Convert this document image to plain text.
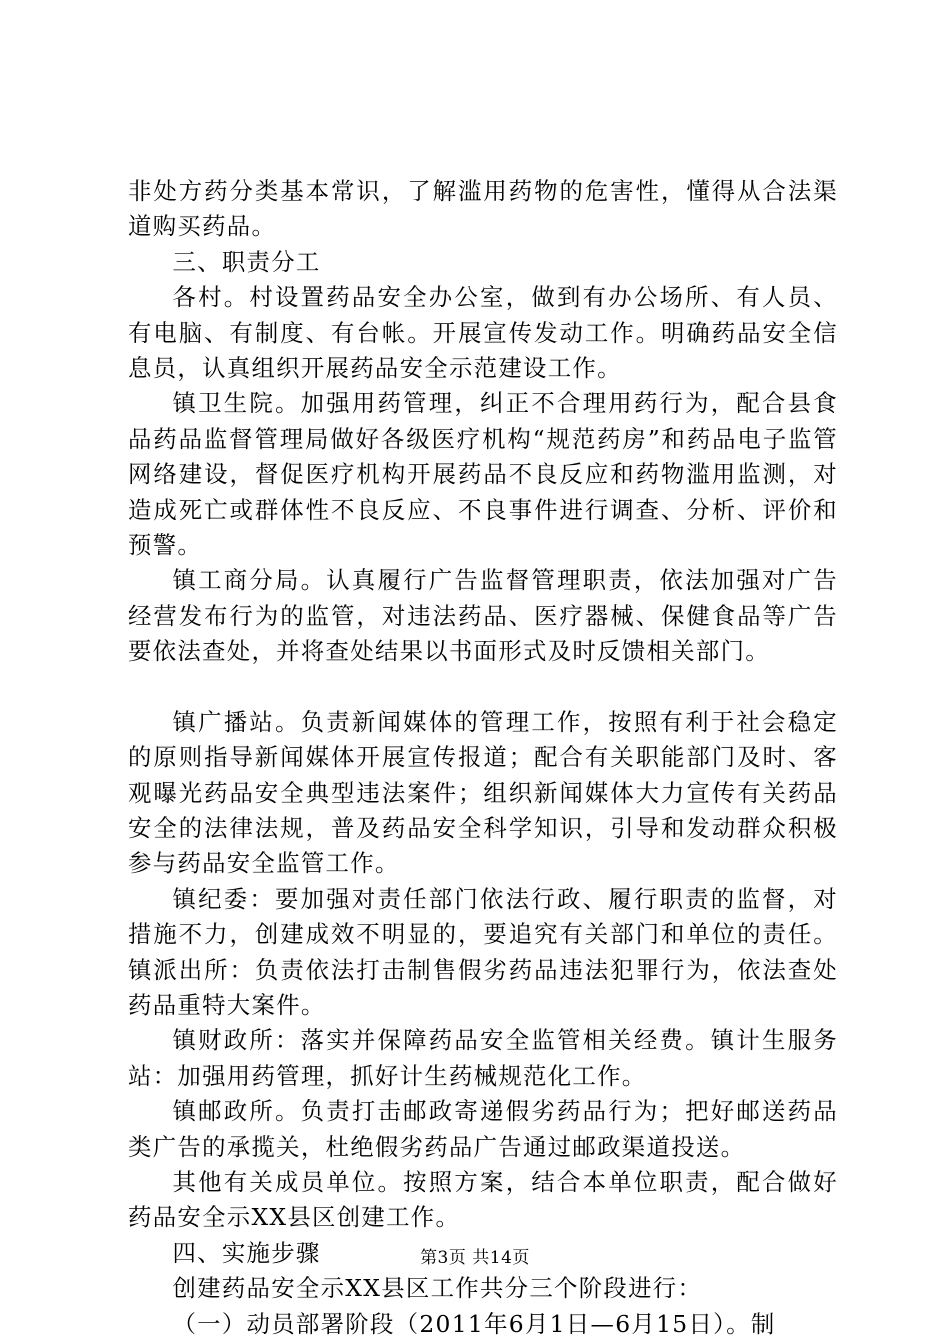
非处方药分类基本常识，了解滥用药物的危害性，懂得从合法渠道购买药品。

三、职责分工

各村。村设置药品安全办公室，做到有办公场所、有人员、有电脑、有制度、有台帐。开展宣传发动工作。明确药品安全信息员，认真组织开展药品安全示范建设工作。

镇卫生院。加强用药管理，纠正不合理用药行为，配合县食品药品监督管理局做好各级医疗机构“规范药房”和药品电子监管网络建设，督促医疗机构开展药品不良反应和药物滥用监测，对造成死亡或群体性不良反应、不良事件进行调查、分析、评价和预警。

镇工商分局。认真履行广告监督管理职责，依法加强对广告经营发布行为的监管，对违法药品、医疗器械、保健食品等广告要依法查处，并将查处结果以书面形式及时反馈相关部门。

镇广播站。负责新闻媒体的管理工作，按照有利于社会稳定的原则指导新闻媒体开展宣传报道；配合有关职能部门及时、客观曝光药品安全典型违法案件；组织新闻媒体大力宣传有关药品安全的法律法规，普及药品安全科学知识，引导和发动群众积极参与药品安全监管工作。

镇纪委：要加强对责任部门依法行政、履行职责的监督，对措施不力，创建成效不明显的，要追究有关部门和单位的责任。镇派出所：负责依法打击制售假劣药品违法犯罪行为，依法查处药品重特大案件。

镇财政所：落实并保障药品安全监管相关经费。镇计生服务站：加强用药管理，抓好计生药械规范化工作。

镇邮政所。负责打击邮政寄递假劣药品行为；把好邮送药品类广告的承揽关，杜绝假劣药品广告通过邮政渠道投送。

其他有关成员单位。按照方案，结合本单位职责，配合做好药品安全示XX县区创建工作。

四、实施步骤

创建药品安全示XX县区工作共分三个阶段进行：

（一）动员部署阶段（2011年6月1日—6月15日）。制

第3页 共14页
